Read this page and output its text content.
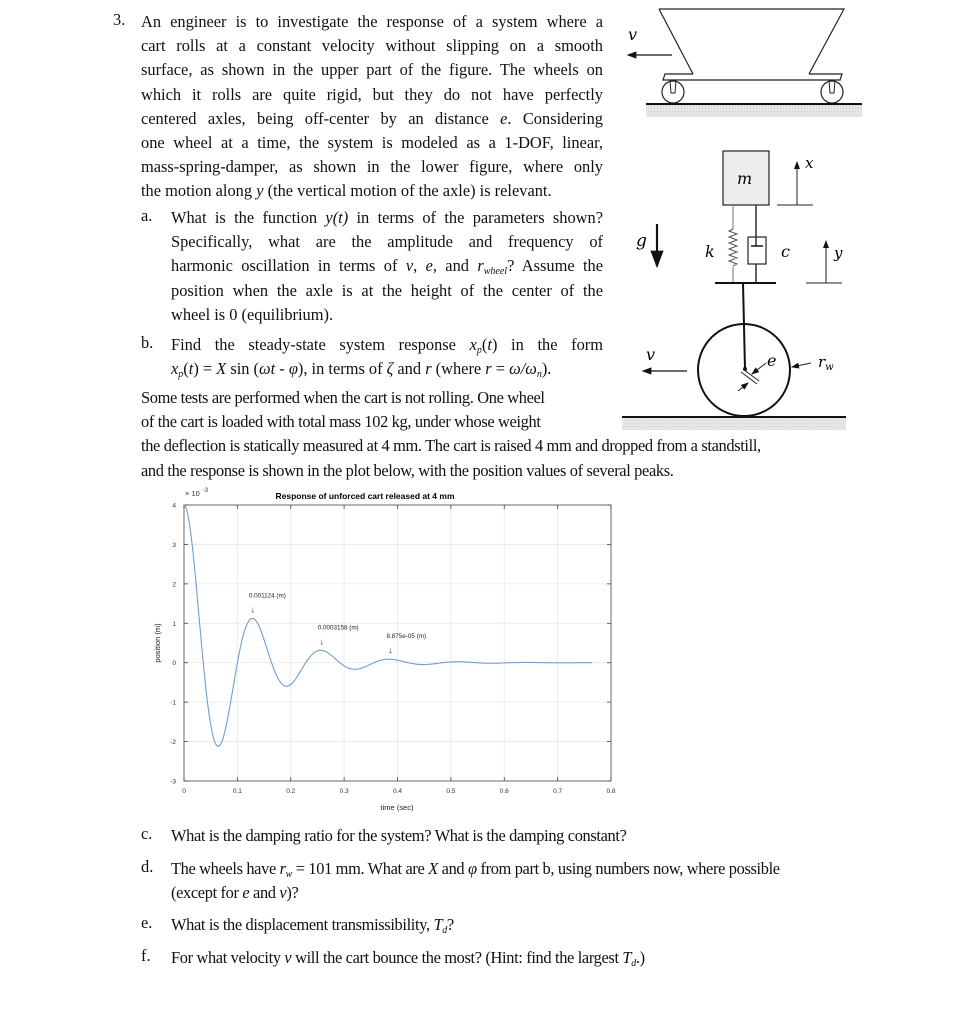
3. An engineer is to investigate the response of a system where a
cart rolls at a constant velocity without slipping on a smooth
surface, as shown in the upper part of the figure. The wheels on
which it rolls are quite rigid, but they do not have perfectly
centered axles, being off-center by an distance e. Considering
one wheel at a time, the system is modeled as a 1-DOF, linear,
mass-spring-damper, as shown in the lower figure, where only
the motion along y (the vertical motion of the axle) is relevant.
a. What is the function y(t) in terms of the parameters shown?
Specifically, what are the amplitude and frequency of
harmonic oscillation in terms of v, e, and $r_{wheel}$? Assume the
position when the axle is at the height of the center of the
wheel is 0 (equilibrium).
b. Find the steady-state system response $x_p(t)$ in the form
$x_p(t) = X$ sin (ωt - φ), in terms of ζ and r (where $r = \omega/\omega_n$).
Some tests are performed when the cart is not rolling. One wheel
of the cart is loaded with total mass 102 kg, under whose weight
the deflection is statically measured at 4 mm. The cart is raised 4 mm and dropped from a standstill,
and the response is shown in the plot below, with the position values of several peaks.
v
m
x
k	c	y
g
e	$r_w$
v
Response of unforced cart released at 4 mm
× 10 $^{-3}$
4
3
2
1
0
-1
-2
-3
0	0.1	0.2	0.3	0.4	0.5	0.6	0.7	0.8
↓
0.001124 (m)
↓
0.0003158 (m)
↓
8.875e-05 (m)
time (sec)
position (m)
c. What is the damping ratio for the system? What is the damping constant?
d. The wheels have $r_w = 101$ mm. What are X and φ from part b, using numbers now, where possible
(except for e and v)?
e. What is the displacement transmissibility, $T_d$?
f. For what velocity v will the cart bounce the most? (Hint: find the largest $T_d$.)
